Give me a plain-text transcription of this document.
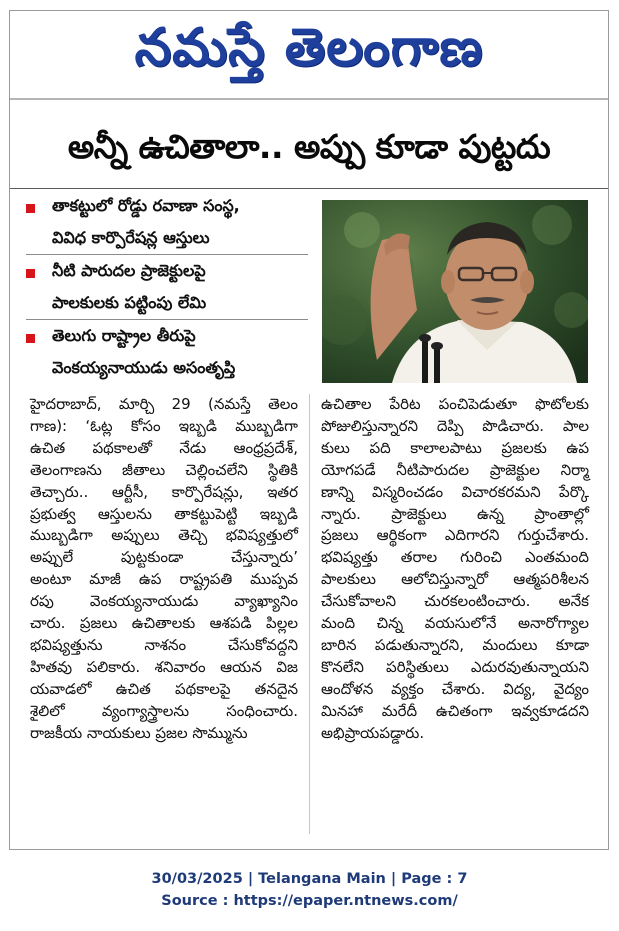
నమస్తే తెలంగాణ
అన్నీ ఉచితాలా.. అప్పు కూడా పుట్టదు
తాకట్టులో రోడ్డు రవాణా సంస్థ,
వివిధ కార్పొరేషన్ల ఆస్తులు
నీటి పారుదల ప్రాజెక్టులపై
పాలకులకు పట్టింపు లేమి
తెలుగు రాష్ట్రాల తీరుపై
వెంకయ్యనాయుడు అసంతృప్తి
హైదరాబాద్, మార్చి 29 (నమస్తే తెలం
గాణ): ‘ఓట్ల కోసం ఇబ్బడి ముబ్బడిగా
ఉచిత పథకాలతో నేడు ఆంధ్రప్రదేశ్,
తెలంగాణను జీతాలు చెల్లించలేని స్థితికి
తెచ్చారు.. ఆర్టీసీ, కార్పొరేషన్లు, ఇతర
ప్రభుత్వ ఆస్తులను తాకట్టుపెట్టి ఇబ్బడి
ముబ్బడిగా అప్పులు తెచ్చి భవిష్యత్తులో
అప్పులే పుట్టకుండా చేస్తున్నారు’
అంటూ మాజీ ఉప రాష్ట్రపతి ముప్పవ
రపు వెంకయ్యనాయుడు వ్యాఖ్యానిం
చారు. ప్రజలు ఉచితాలకు ఆశపడి పిల్లల
భవిష్యత్తును నాశనం చేసుకోవద్దని
హితవు పలికారు. శనివారం ఆయన విజ
యవాడలో ఉచిత పథకాలపై తనదైన
శైలిలో వ్యంగ్యాస్త్రాలను సంధించారు.
రాజకీయ నాయకులు ప్రజల సొమ్మును
ఉచితాల పేరిట పంచిపెడుతూ ఫొటోలకు
పోజులిస్తున్నారని దెప్పి పొడిచారు. పాల
కులు పది కాలాలపాటు ప్రజలకు ఉప
యోగపడే నీటిపారుదల ప్రాజెక్టుల నిర్మా
ణాన్ని విస్మరించడం విచారకరమని పేర్కొ
న్నారు. ప్రాజెక్టులు ఉన్న ప్రాంతాల్లో
ప్రజలు ఆర్థికంగా ఎదిగారని గుర్తుచేశారు.
భవిష్యత్తు తరాల గురించి ఎంతమంది
పాలకులు ఆలోచిస్తున్నారో ఆత్మపరిశీలన
చేసుకోవాలని చురకలంటించారు. అనేక
మంది చిన్న వయసులోనే అనారోగ్యాల
బారిన పడుతున్నారని, మందులు కూడా
కొనలేని పరిస్థితులు ఎదురవుతున్నాయని
ఆందోళన వ్యక్తం చేశారు. విద్య, వైద్యం
మినహా మరేదీ ఉచితంగా ఇవ్వకూడదని
అభిప్రాయపడ్డారు.
30/03/2025 | Telangana Main | Page : 7
Source : https://epaper.ntnews.com/
